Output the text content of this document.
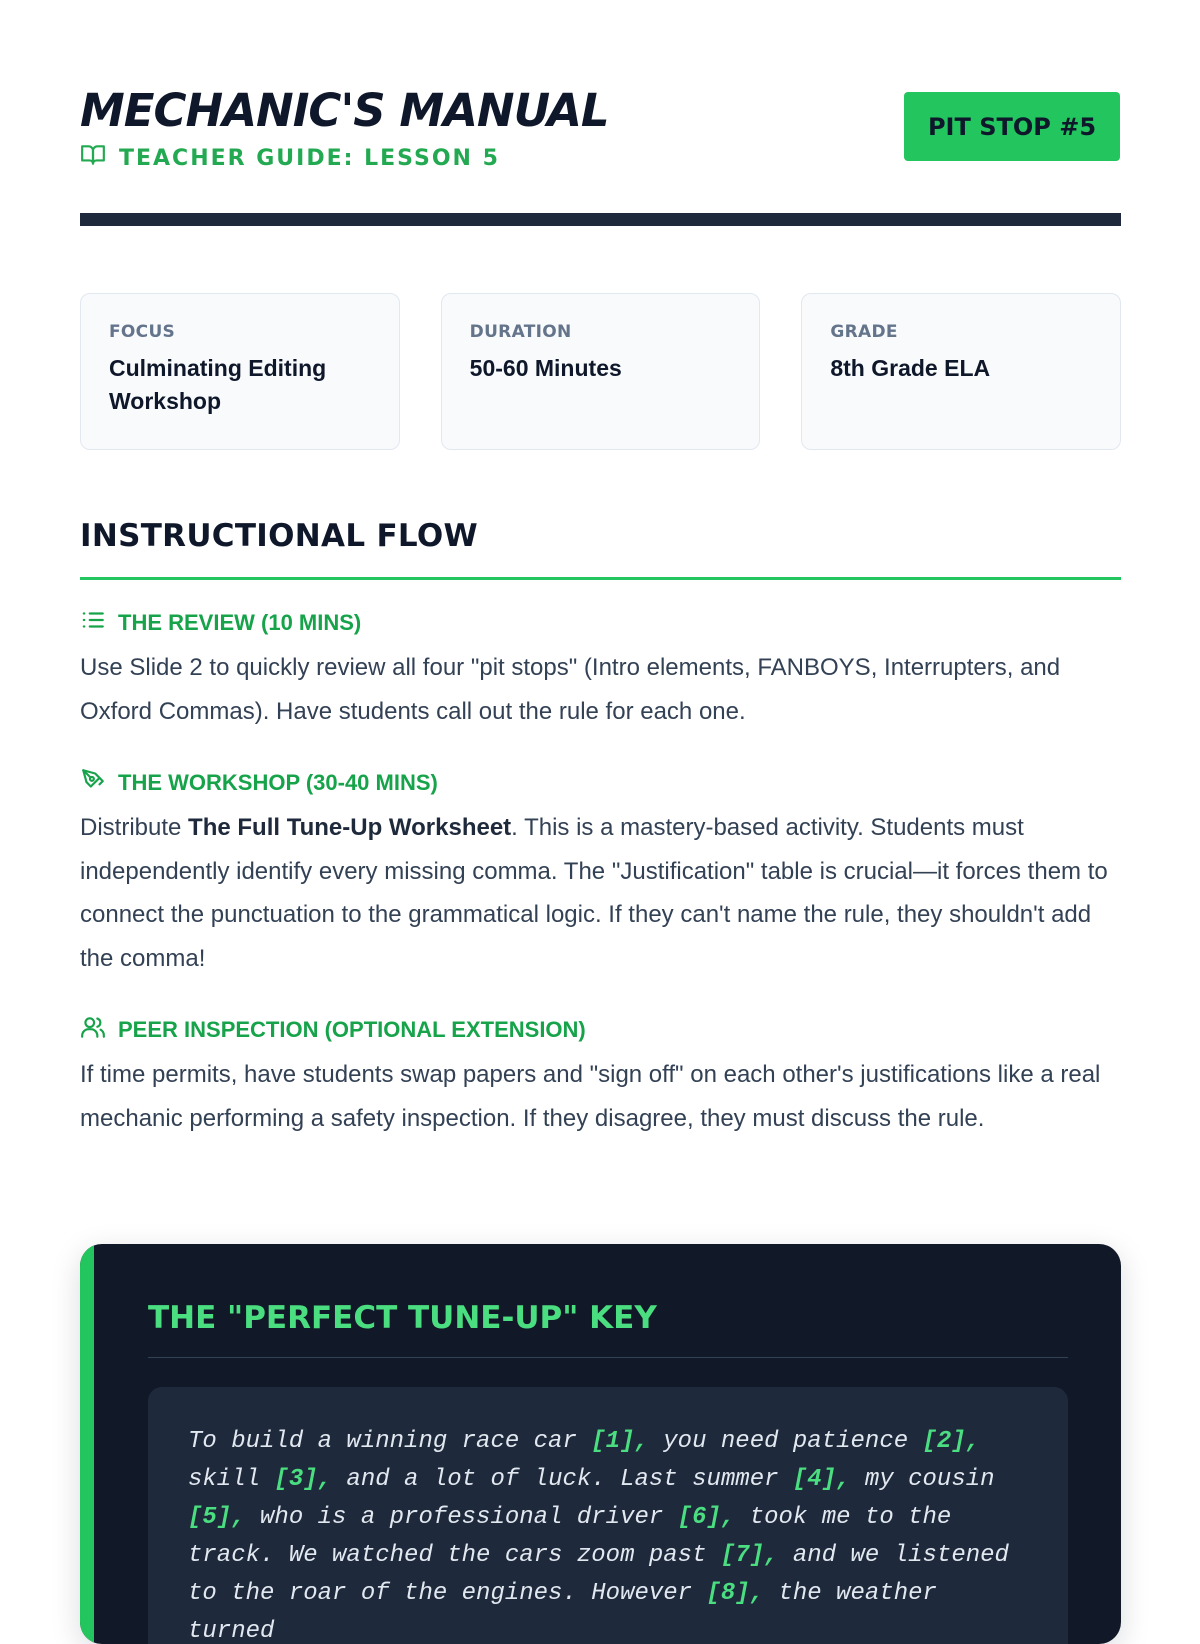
MECHANIC'S MANUAL
TEACHER GUIDE: LESSON 5
PIT STOP #5
FOCUS
Culminating Editing Workshop
DURATION
50-60 Minutes
GRADE
8th Grade ELA
INSTRUCTIONAL FLOW
THE REVIEW (10 MINS)

Use Slide 2 to quickly review all four "pit stops" (Intro elements, FANBOYS, Interrupters, and Oxford Commas). Have students call out the rule for each one.

THE WORKSHOP (30-40 MINS)

Distribute The Full Tune-Up Worksheet. This is a mastery-based activity. Students must independently identify every missing comma. The "Justification" table is crucial—it forces them to connect the punctuation to the grammatical logic. If they can't name the rule, they shouldn't add the comma!

PEER INSPECTION (OPTIONAL EXTENSION)

If time permits, have students swap papers and "sign off" on each other's justifications like a real mechanic performing a safety inspection. If they disagree, they must discuss the rule.

THE "PERFECT TUNE-UP" KEY

To build a winning race car [1], you need patience [2], skill [3], and a lot of luck. Last summer [4], my cousin [5], who is a professional driver [6], took me to the track. We watched the cars zoom past [7], and we listened to the roar of the engines. However [8], the weather turned
